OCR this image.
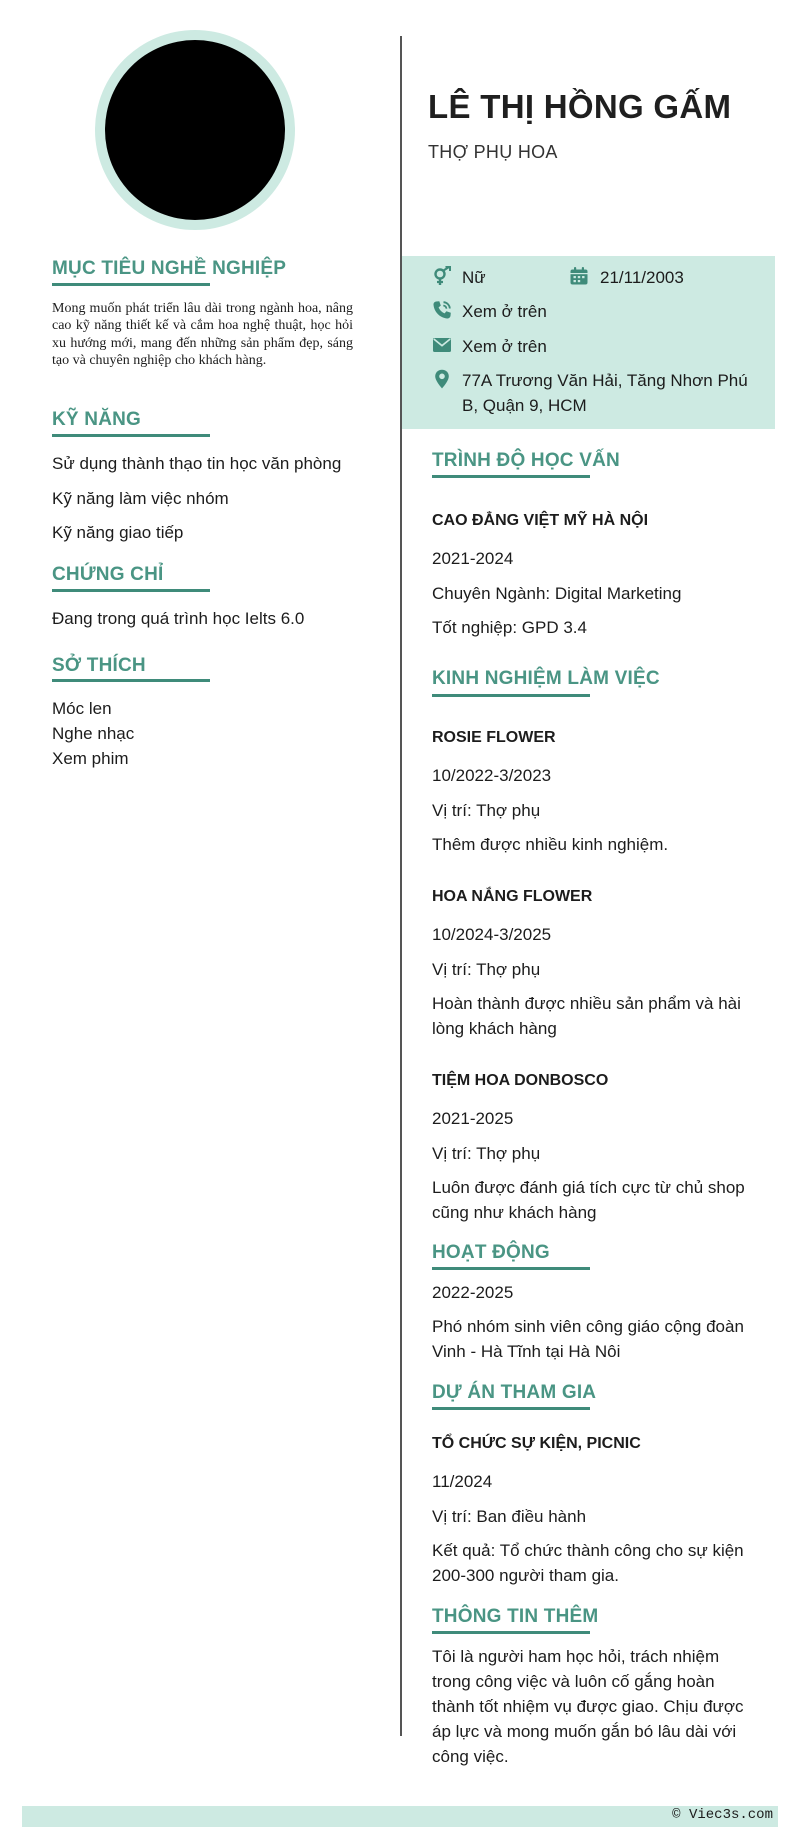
MỤC TIÊU NGHỀ NGHIỆP
Mong muốn phát triển lâu dài trong ngành hoa, nâng cao kỹ năng thiết kế và cắm hoa nghệ thuật, học hỏi xu hướng mới, mang đến những sản phẩm đẹp, sáng tạo và chuyên nghiệp cho khách hàng.
KỸ NĂNG
Sử dụng thành thạo tin học văn phòng
Kỹ năng làm việc nhóm
Kỹ năng giao tiếp
CHỨNG CHỈ
Đang trong quá trình học Ielts 6.0
SỞ THÍCH
Móc len
Nghe nhạc
Xem phim
LÊ THỊ HỒNG GẤM
THỢ PHỤ HOA
Nữ	21/11/2003
Xem ở trên
Xem ở trên
77A Trương Văn Hải, Tăng Nhơn Phú
B, Quận 9, HCM
TRÌNH ĐỘ HỌC VẤN
CAO ĐẲNG VIỆT MỸ HÀ NỘI
2021-2024
Chuyên Ngành: Digital Marketing
Tốt nghiệp: GPD 3.4
KINH NGHIỆM LÀM VIỆC
ROSIE FLOWER
10/2022-3/2023
Vị trí: Thợ phụ
Thêm được nhiều kinh nghiệm.
HOA NẮNG FLOWER
10/2024-3/2025
Vị trí: Thợ phụ
Hoàn thành được nhiều sản phẩm và hài
lòng khách hàng
TIỆM HOA DONBOSCO
2021-2025
Vị trí: Thợ phụ
Luôn được đánh giá tích cực từ chủ shop
cũng như khách hàng
HOẠT ĐỘNG
2022-2025
Phó nhóm sinh viên công giáo cộng đoàn
Vinh - Hà Tĩnh tại Hà Nôi
DỰ ÁN THAM GIA
TỔ CHỨC SỰ KIỆN, PICNIC
11/2024
Vị trí: Ban điều hành
Kết quả: Tổ chức thành công cho sự kiện
200-300 người tham gia.
THÔNG TIN THÊM
Tôi là người ham học hỏi, trách nhiệm
trong công việc và luôn cố gắng hoàn
thành tốt nhiệm vụ được giao. Chịu được
áp lực và mong muốn gắn bó lâu dài với
công việc.
© Viec3s.com
